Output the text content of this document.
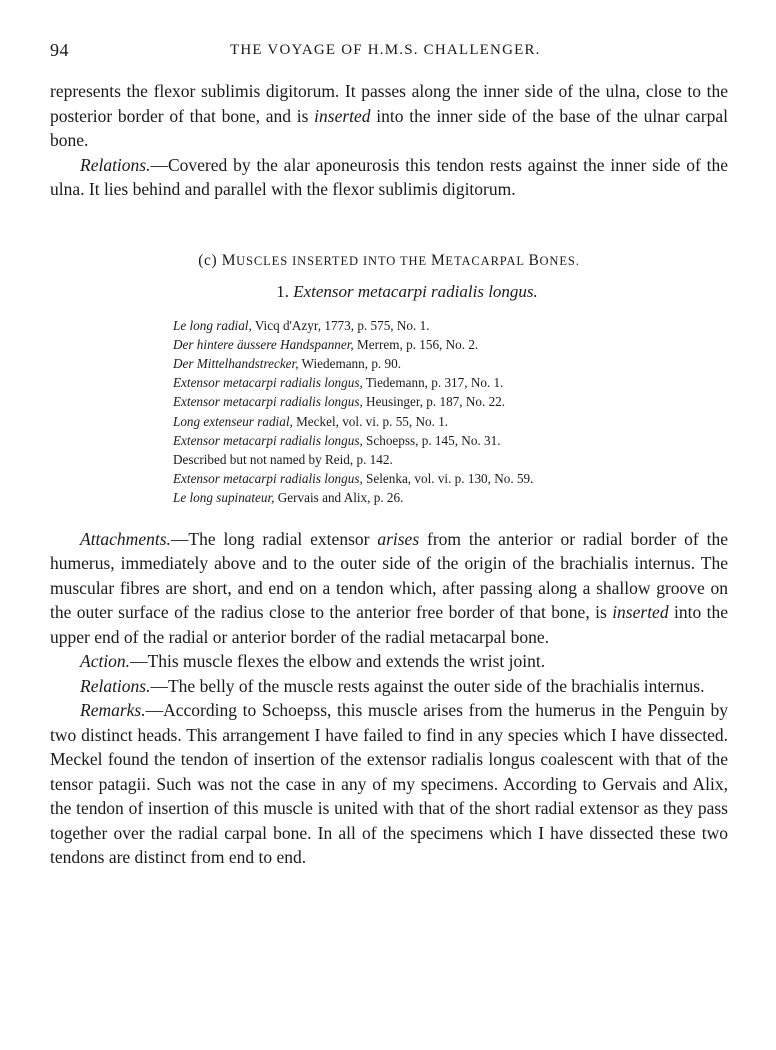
94	THE VOYAGE OF H.M.S. CHALLENGER.

represents the flexor sublimis digitorum. It passes along the inner side of the ulna, close to the posterior border of that bone, and is inserted into the inner side of the base of the ulnar carpal bone.

Relations.—Covered by the alar aponeurosis this tendon rests against the inner side of the ulna. It lies behind and parallel with the flexor sublimis digitorum.

(c) MUSCLES INSERTED INTO THE METACARPAL BONES.
1. Extensor metacarpi radialis longus.
Le long radial, Vicq d'Azyr, 1773, p. 575, No. 1.
Der hintere äussere Handspanner, Merrem, p. 156, No. 2.
Der Mittelhandstrecker, Wiedemann, p. 90.
Extensor metacarpi radialis longus, Tiedemann, p. 317, No. 1.
Extensor metacarpi radialis longus, Heusinger, p. 187, No. 22.
Long extenseur radial, Meckel, vol. vi. p. 55, No. 1.
Extensor metacarpi radialis longus, Schoepss, p. 145, No. 31.
Described but not named by Reid, p. 142.
Extensor metacarpi radialis longus, Selenka, vol. vi. p. 130, No. 59.
Le long supinateur, Gervais and Alix, p. 26.

Attachments.—The long radial extensor arises from the anterior or radial border of the humerus, immediately above and to the outer side of the origin of the brachialis internus. The muscular fibres are short, and end on a tendon which, after passing along a shallow groove on the outer surface of the radius close to the anterior free border of that bone, is inserted into the upper end of the radial or anterior border of the radial metacarpal bone.

Action.—This muscle flexes the elbow and extends the wrist joint.

Relations.—The belly of the muscle rests against the outer side of the brachialis internus.

Remarks.—According to Schoepss, this muscle arises from the humerus in the Penguin by two distinct heads. This arrangement I have failed to find in any species which I have dissected. Meckel found the tendon of insertion of the extensor radialis longus coalescent with that of the tensor patagii. Such was not the case in any of my specimens. According to Gervais and Alix, the tendon of insertion of this muscle is united with that of the short radial extensor as they pass together over the radial carpal bone. In all of the specimens which I have dissected these two tendons are distinct from end to end.
